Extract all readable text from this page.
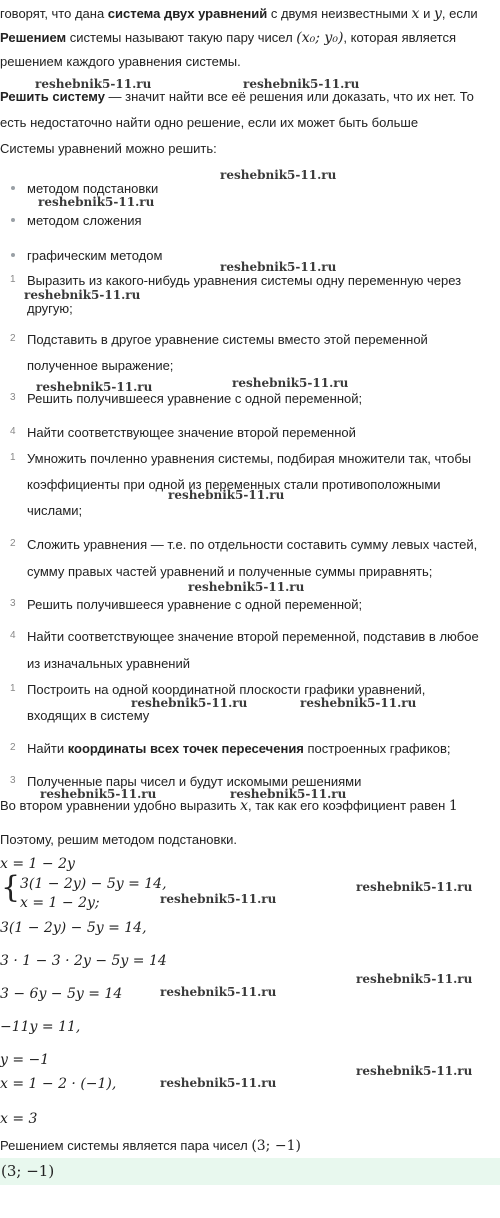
говорят, что дана система двух уравнений с двумя неизвестными x и y, если
Решением системы называют такую пару чисел (x₀; y₀), которая является
решением каждого уравнения системы.
Решить систему — значит найти все её решения или доказать, что их нет. То
есть недостаточно найти одно решение, если их может быть больше
Системы уравнений можно решить:
методом подстановки
методом сложения
графическим методом
1 Выразить из какого-нибудь уравнения системы одну переменную через
другую;
2 Подставить в другое уравнение системы вместо этой переменной
полученное выражение;
3 Решить получившееся уравнение с одной переменной;
4 Найти соответствующее значение второй переменной
1 Умножить почленно уравнения системы, подбирая множители так, чтобы
коэффициенты при одной из переменных стали противоположными
числами;
2 Сложить уравнения — т.е. по отдельности составить сумму левых частей,
сумму правых частей уравнений и полученные суммы приравнять;
3 Решить получившееся уравнение с одной переменной;
4 Найти соответствующее значение второй переменной, подставив в любое
из изначальных уравнений
1 Построить на одной координатной плоскости графики уравнений,
входящих в систему
2 Найти координаты всех точек пересечения построенных графиков;
3 Полученные пары чисел и будут искомыми решениями
Во втором уравнении удобно выразить x, так как его коэффициент равен 1
Поэтому, решим методом подстановки.
x = 1 − 2y
{ 3(1 − 2y) − 5y = 14,
x = 1 − 2y;
3(1 − 2y) − 5y = 14,
3 · 1 − 3 · 2y − 5y = 14
3 − 6y − 5y = 14
−11y = 11,
y = −1
x = 1 − 2 · (−1),
x = 3
Решением системы является пара чисел (3; −1)
(3; −1)
reshebnik5-11.ru	reshebnik5-11.ru
reshebnik5-11.ru
reshebnik5-11.ru
reshebnik5-11.ru
reshebnik5-11.ru
reshebnik5-11.ru	reshebnik5-11.ru
reshebnik5-11.ru
reshebnik5-11.ru
reshebnik5-11.ru	reshebnik5-11.ru
reshebnik5-11.ru	reshebnik5-11.ru
reshebnik5-11.ru
reshebnik5-11.ru
reshebnik5-11.ru
reshebnik5-11.ru
reshebnik5-11.ru
reshebnik5-11.ru
